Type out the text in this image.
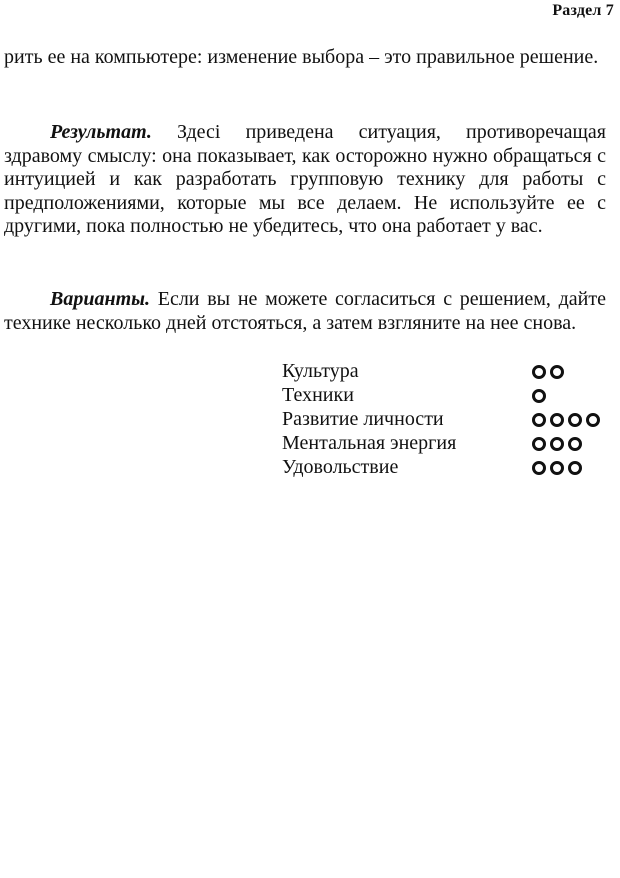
Раздел 7
рить ее на компьютере: изменение выбора – это правильное решение.
Результат. Здесі приведена ситуация, противоречащая здравому смыслу: она показывает, как осторожно нужно обращаться с интуицией и как разработать групповую технику для работы с предположениями, которые мы все делаем. Не используйте ее с другими, пока полностью не убедитесь, что она работает у вас.
Варианты. Если вы не можете согласиться с решением, дайте технике несколько дней отстояться, а затем взгляните на нее снова.
Культура
Техники
Развитие личности
Ментальная энергия
Удовольствие
